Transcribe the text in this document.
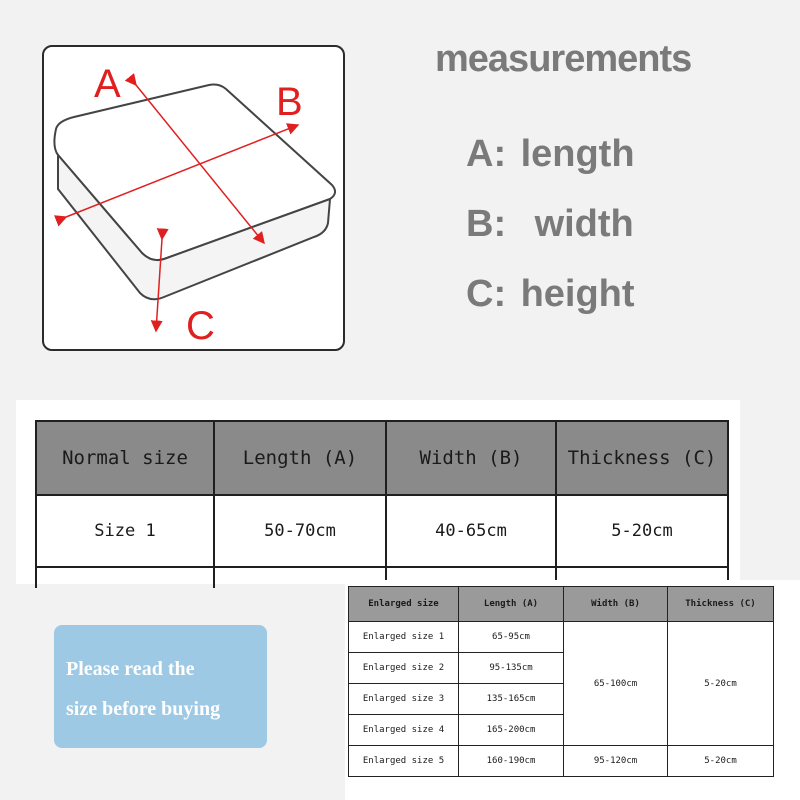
A	B
C
measurements
A: length
B: width
C: height
Normal size	Length (A)	Width (B)	Thickness (C)
Size 1	50-70cm	40-65cm	5-20cm

Please read the
size before buying
Enlarged size	Length (A)	Width (B)	Thickness (C)
Enlarged size 1	65-95cm	65-100cm	5-20cm
Enlarged size 2	95-135cm		
Enlarged size 3	135-165cm		
Enlarged size 4	165-200cm		
Enlarged size 5	160-190cm	95-120cm	5-20cm
